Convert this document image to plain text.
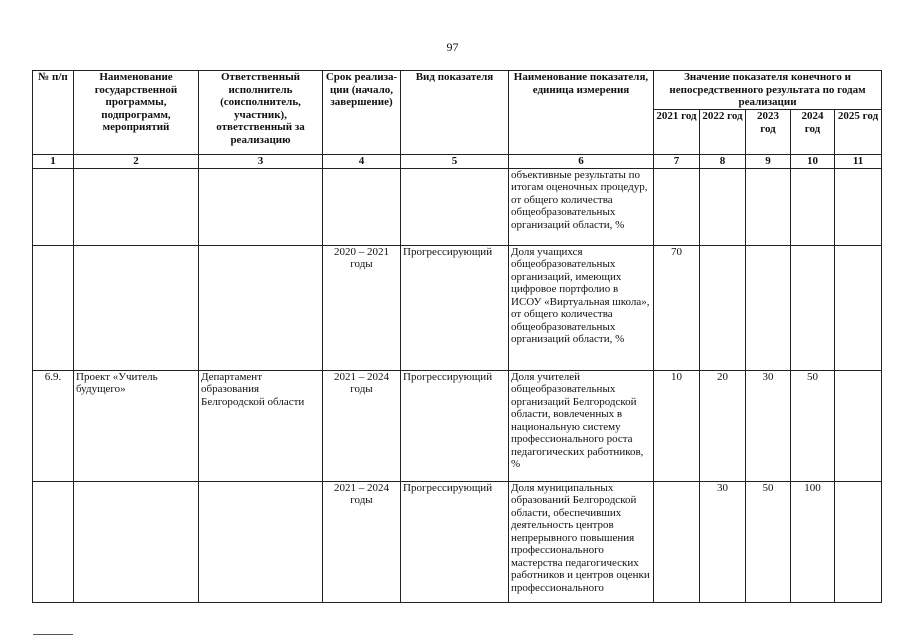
97
№ п/п	Наименование государственной программы, подпрограмм, мероприятий	Ответственный исполнитель (соисполнитель, участник), ответственный за реализацию	Срок реализа-ции (начало, завершение)	Вид показателя	Наименование показателя, единица измерения	Значение показателя конечного и непосредственного результата по годам реализации				
						2021 год	2022 год	2023 год	2024 год	2025 год
1	2	3	4	5	6	7	8	9	10	11
					объективные результаты по итогам оценочных процедур, от общего количества общеобразовательных организаций области, %					
			2020 – 2021 годы	Прогрессирующий	Доля учащихся общеобразовательных организаций, имеющих цифровое портфолио в ИСОУ «Виртуальная школа», от общего количества общеобразовательных организаций области, %	70				
6.9.	Проект «Учитель будущего»	Департамент образования Белгородской области	2021 – 2024 годы	Прогрессирующий	Доля учителей общеобразовательных организаций Белгородской области, вовлеченных в национальную систему профессионального роста педагогических работников, %	10	20	30	50	
			2021 – 2024 годы	Прогрессирующий	Доля муниципальных образований Белгородской области, обеспечивших деятельность центров непрерывного повышения профессионального мастерства педагогических работников и центров оценки профессионального		30	50	100	
